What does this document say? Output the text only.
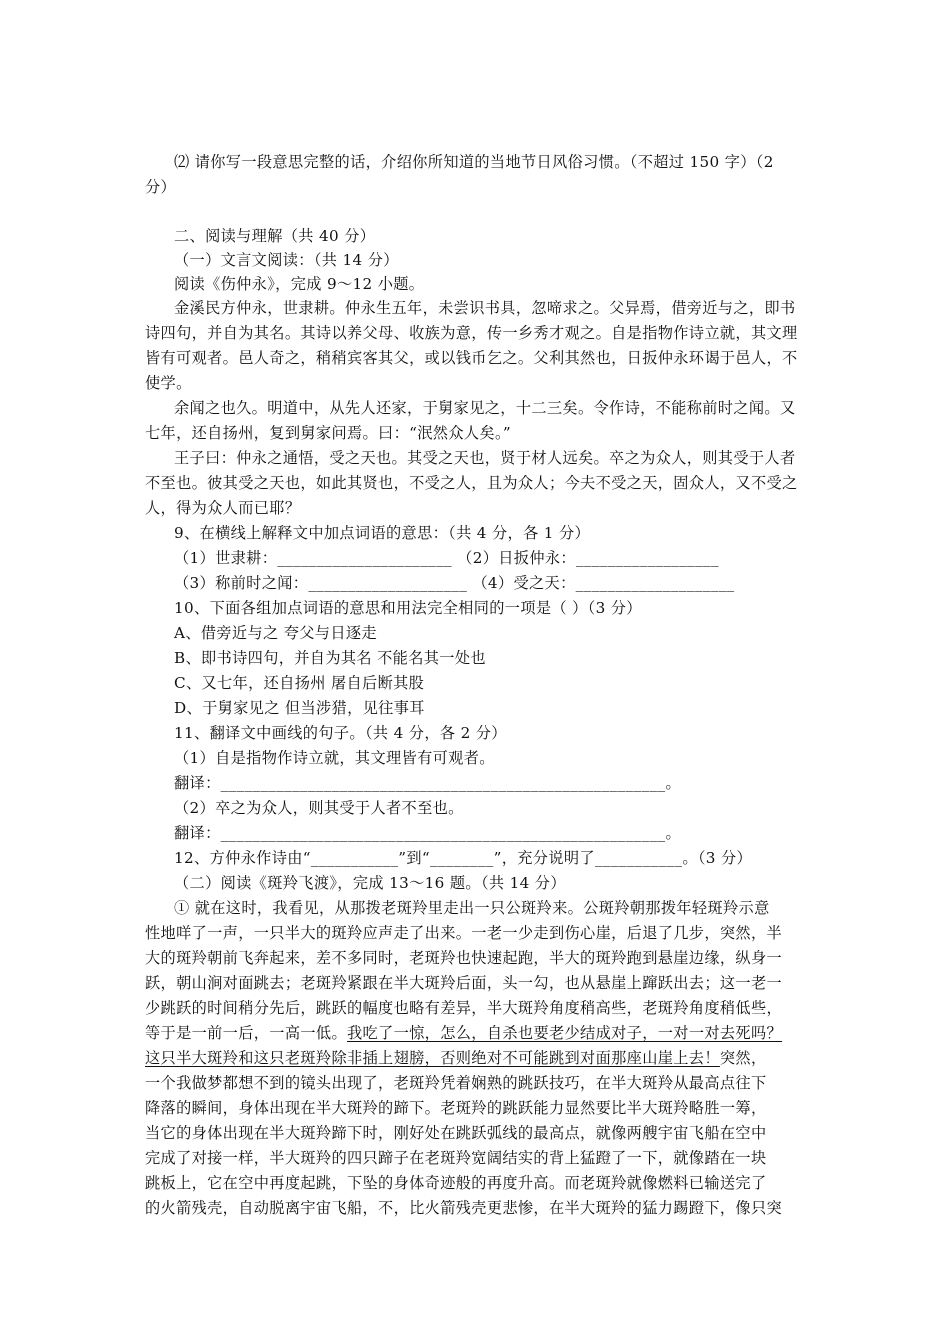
⑵ 请你写一段意思完整的话，介绍你所知道的当地节日风俗习惯。（不超过 150 字）（2
分）
二、阅读与理解（共 40 分）
（一）文言文阅读：（共 14 分）
阅读《伤仲永》，完成 9～12 小题。
金溪民方仲永，世隶耕。仲永生五年，未尝识书具，忽啼求之。父异焉，借旁近与之，即书
诗四句，并自为其名。其诗以养父母、收族为意，传一乡秀才观之。自是指物作诗立就，其文理
皆有可观者。邑人奇之，稍稍宾客其父，或以钱币乞之。父利其然也，日扳仲永环谒于邑人，不
使学。
余闻之也久。明道中，从先人还家，于舅家见之，十二三矣。令作诗，不能称前时之闻。又
七年，还自扬州，复到舅家问焉。曰：“泯然众人矣。”
王子曰：仲永之通悟，受之天也。其受之天也，贤于材人远矣。卒之为众人，则其受于人者
不至也。彼其受之天也，如此其贤也，不受之人，且为众人；今夫不受之天，固众人，又不受之
人，得为众人而已耶？
9、在横线上解释文中加点词语的意思：（共 4 分，各 1 分）
（1）世隶耕：______________________ （2）日扳仲永：__________________
（3）称前时之闻：____________________ （4）受之天：____________________
10、下面各组加点词语的意思和用法完全相同的一项是（ ）（3 分）
A、借旁近与之 夸父与日逐走
B、即书诗四句，并自为其名 不能名其一处也
C、又七年，还自扬州 屠自后断其股
D、于舅家见之 但当涉猎，见往事耳
11、翻译文中画线的句子。（共 4 分，各 2 分）
（1）自是指物作诗立就，其文理皆有可观者。
翻译：________________________________________________________。
（2）卒之为众人，则其受于人者不至也。
翻译：________________________________________________________。
12、方仲永作诗由“___________”到“________”，充分说明了___________。（3 分）
（二）阅读《斑羚飞渡》，完成 13～16 题。（共 14 分）
① 就在这时，我看见，从那拨老斑羚里走出一只公斑羚来。公斑羚朝那拨年轻斑羚示意
性地咩了一声，一只半大的斑羚应声走了出来。一老一少走到伤心崖，后退了几步，突然，半
大的斑羚朝前飞奔起来，差不多同时，老斑羚也快速起跑，半大的斑羚跑到悬崖边缘，纵身一
跃，朝山涧对面跳去；老斑羚紧跟在半大斑羚后面，头一勾，也从悬崖上蹿跃出去；这一老一
少跳跃的时间稍分先后，跳跃的幅度也略有差异，半大斑羚角度稍高些，老斑羚角度稍低些，
等于是一前一后，一高一低。我吃了一惊，怎么，自杀也要老少结成对子，一对一对去死吗？
这只半大斑羚和这只老斑羚除非插上翅膀，否则绝对不可能跳到对面那座山崖上去！突然，
一个我做梦都想不到的镜头出现了，老斑羚凭着娴熟的跳跃技巧，在半大斑羚从最高点往下
降落的瞬间，身体出现在半大斑羚的蹄下。老斑羚的跳跃能力显然要比半大斑羚略胜一筹，
当它的身体出现在半大斑羚蹄下时，刚好处在跳跃弧线的最高点，就像两艘宇宙飞船在空中
完成了对接一样，半大斑羚的四只蹄子在老斑羚宽阔结实的背上猛蹬了一下，就像踏在一块
跳板上，它在空中再度起跳，下坠的身体奇迹般的再度升高。而老斑羚就像燃料已输送完了
的火箭残壳，自动脱离宇宙飞船，不，比火箭残壳更悲惨，在半大斑羚的猛力踢蹬下，像只突
